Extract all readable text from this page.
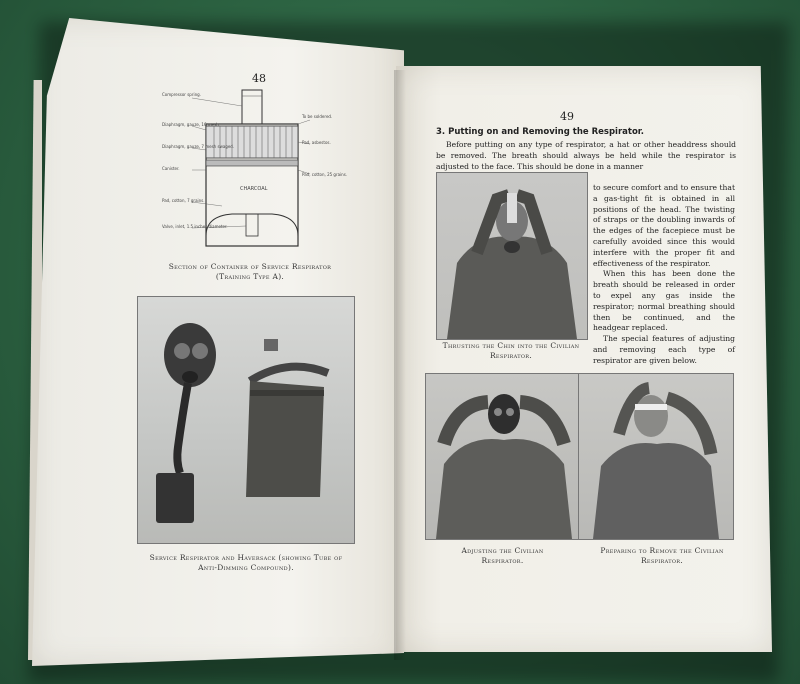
48
Compressor spring.
Diaphragm, gauze, 16 mesh.
Diaphragm, gauze, 7 mesh swaged.
Canister.
Pad, cotton, 7 grains.
Valve, inlet, 1.5 inches diameter.
To be soldered.
Pad, asbestos.
Pad, cotton, 25 grains.
CHARCOAL
Section of Container of Service Respirator
(Training Type A).
Service Respirator and Haversack (showing Tube of
Anti-Dimming Compound).
49
3. Putting on and Removing the Respirator.
Before putting on any type of respirator, a hat or other headdress should be removed. The breath should always be held while the respirator is adjusted to the face. This should be done in a manner

to secure comfort and to ensure that a gas-tight fit is obtained in all positions of the head. The twisting of straps or the doubling inwards of the edges of the facepiece must be carefully avoided since this would interfere with the proper fit and effectiveness of the respirator.

When this has been done the breath should be released in order to expel any gas inside the respirator; normal breathing should then be continued, and the headgear replaced.

The special features of adjusting and removing each type of respirator are given below.

Thrusting the Chin into the Civilian
Respirator.
Adjusting the Civilian
Respirator.
Preparing to Remove the Civilian
Respirator.
